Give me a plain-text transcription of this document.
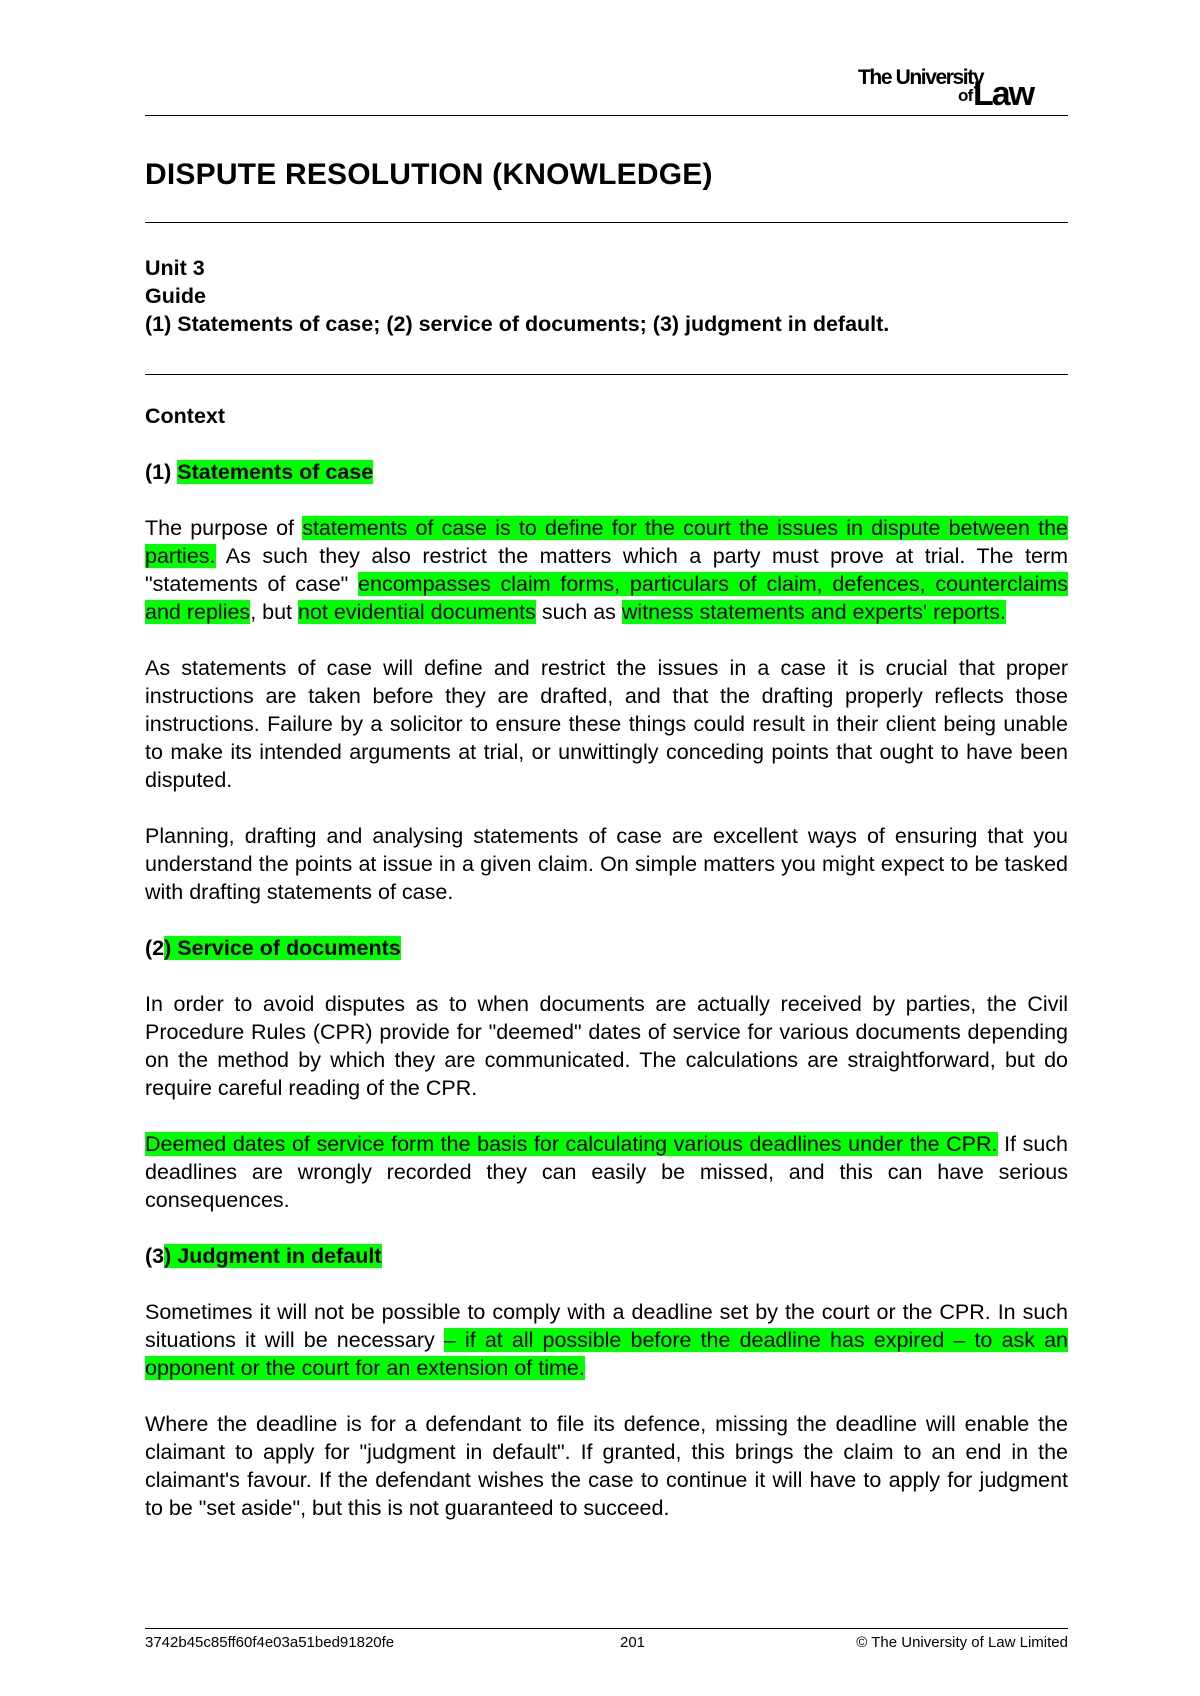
The University
of Law
DISPUTE RESOLUTION (KNOWLEDGE)
Unit 3
Guide
(1) Statements of case; (2) service of documents; (3) judgment in default.
Context
(1) Statements of case

The purpose of statements of case is to define for the court the issues in dispute between the parties. As such they also restrict the matters which a party must prove at trial. The term "statements of case" encompasses claim forms, particulars of claim, defences, counterclaims and replies, but not evidential documents such as witness statements and experts' reports.

As statements of case will define and restrict the issues in a case it is crucial that proper instructions are taken before they are drafted, and that the drafting properly reflects those instructions. Failure by a solicitor to ensure these things could result in their client being unable to make its intended arguments at trial, or unwittingly conceding points that ought to have been disputed.

Planning, drafting and analysing statements of case are excellent ways of ensuring that you understand the points at issue in a given claim. On simple matters you might expect to be tasked with drafting statements of case.

(2) Service of documents

In order to avoid disputes as to when documents are actually received by parties, the Civil Procedure Rules (CPR) provide for "deemed" dates of service for various documents depending on the method by which they are communicated. The calculations are straightforward, but do require careful reading of the CPR.

Deemed dates of service form the basis for calculating various deadlines under the CPR. If such deadlines are wrongly recorded they can easily be missed, and this can have serious consequences.

(3) Judgment in default

Sometimes it will not be possible to comply with a deadline set by the court or the CPR. In such situations it will be necessary – if at all possible before the deadline has expired – to ask an opponent or the court for an extension of time.

Where the deadline is for a defendant to file its defence, missing the deadline will enable the claimant to apply for "judgment in default". If granted, this brings the claim to an end in the claimant's favour. If the defendant wishes the case to continue it will have to apply for judgment to be "set aside", but this is not guaranteed to succeed.

3742b45c85ff60f4e03a51bed91820fe	201	© The University of Law Limited
